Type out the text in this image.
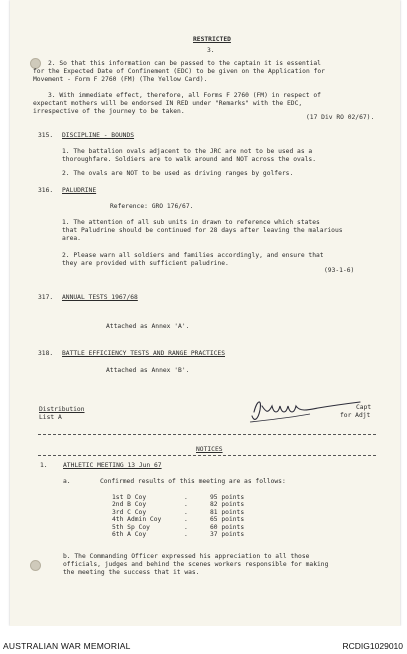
RESTRICTED
3.
2. So that this information can be passed to the captain it is essential
for the Expected Date of Confinement (EDC) to be given on the Application for
Movement - Form F 2760 (FM) (The Yellow Card).
3. With immediate effect, therefore, all Forms F 2760 (FM) in respect of
expectant mothers will be endorsed IN RED under "Remarks" with the EDC,
irrespective of the journey to be taken.
(17 Div RO 02/67).
315. DISCIPLINE - BOUNDS
1. The battalion ovals adjacent to the JRC are not to be used as a
thoroughfare. Soldiers are to walk around and NOT across the ovals.
2. The ovals are NOT to be used as driving ranges by golfers.
316. PALUDRINE
Reference: GRO 176/67.
1. The attention of all sub units in drawn to reference which states
that Paludrine should be continued for 28 days after leaving the malarious
area.
2. Please warn all soldiers and families accordingly, and ensure that
they are provided with sufficient paludrine.
(93-1-6)
317. ANNUAL TESTS 1967/68
Attached as Annex 'A'.
318. BATTLE EFFICIENCY TESTS AND RANGE PRACTICES
Attached as Annex 'B'.
Distribution
List A
Capt
for Adjt
NOTICES
1. ATHLETIC MEETING 13 Jun 67
a.	Confirmed results of this meeting are as follows:
1st D Coy	.	95 points
2nd B Coy	.	82 points
3rd C Coy	.	81 points
4th Admin Coy	.	65 points
5th Sp Coy	.	60 points
6th A Coy	.	37 points
b. The Commanding Officer expressed his appreciation to all those
officials, judges and behind the scenes workers responsible for making
the meeting the success that it was.
AUSTRALIAN WAR MEMORIAL	RCDIG1029010
